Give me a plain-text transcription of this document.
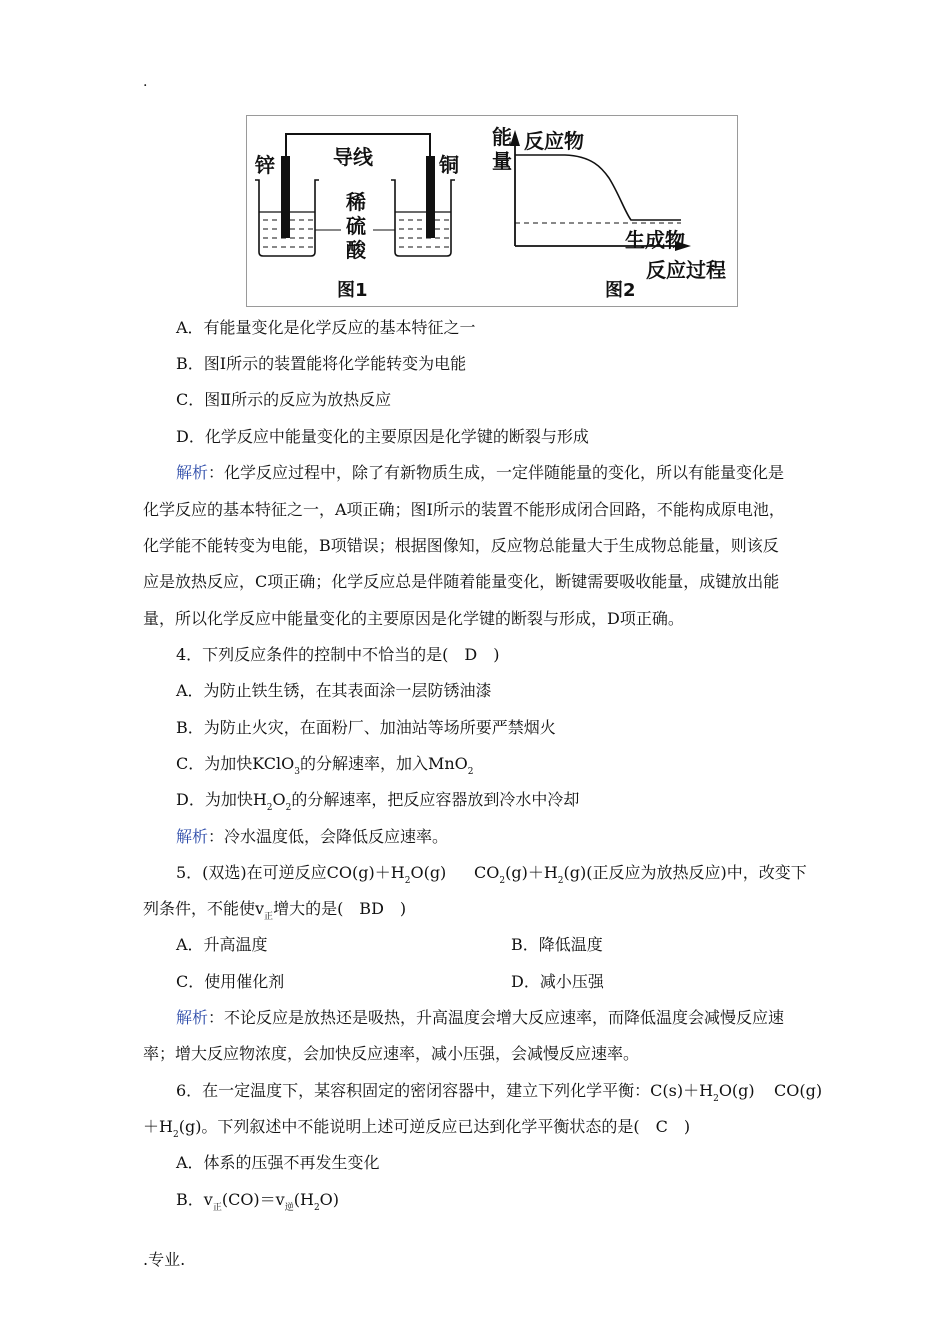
.
锌	铜
导线
稀
硫
酸
图1
能
量
反应物
生成物
反应过程
图2
A．有能量变化是化学反应的基本特征之一
B．图Ⅰ所示的装置能将化学能转变为电能
C．图Ⅱ所示的反应为放热反应
D．化学反应中能量变化的主要原因是化学键的断裂与形成
解析：化学反应过程中，除了有新物质生成，一定伴随能量的变化，所以有能量变化是
化学反应的基本特征之一，A项正确；图Ⅰ所示的装置不能形成闭合回路，不能构成原电池，
化学能不能转变为电能，B项错误；根据图像知，反应物总能量大于生成物总能量，则该反
应是放热反应，C项正确；化学反应总是伴随着能量变化，断键需要吸收能量，成键放出能
量，所以化学反应中能量变化的主要原因是化学键的断裂与形成，D项正确。
4．下列反应条件的控制中不恰当的是(　D　)
A．为防止铁生锈，在其表面涂一层防锈油漆
B．为防止火灾，在面粉厂、加油站等场所要严禁烟火
C．为加快KClO$_3$的分解速率，加入MnO$_2$
D．为加快$H_2O_2$的分解速率，把反应容器放到冷水中冷却
解析：冷水温度低，会降低反应速率。
5．(双选)在可逆反应$CO(g)+H_2O(g)$ $CO_2(g)+H_2(g)$(正反应为放热反应)中，改变下
列条件，不能使$v_正$增大的是(　BD　)
A．升高温度	B．降低温度
C．使用催化剂	D．减小压强
解析：不论反应是放热还是吸热，升高温度会增大反应速率，而降低温度会减慢反应速
率；增大反应物浓度，会加快反应速率，减小压强，会减慢反应速率。
6．在一定温度下，某容积固定的密闭容器中，建立下列化学平衡：$C(s)+H_2O(g)$ CO(g)
$+H_2(g)$。下列叙述中不能说明上述可逆反应已达到化学平衡状态的是(　C　)
A．体系的压强不再发生变化
B．$v_正(CO)=v_逆(H_2O)$
.专业.
